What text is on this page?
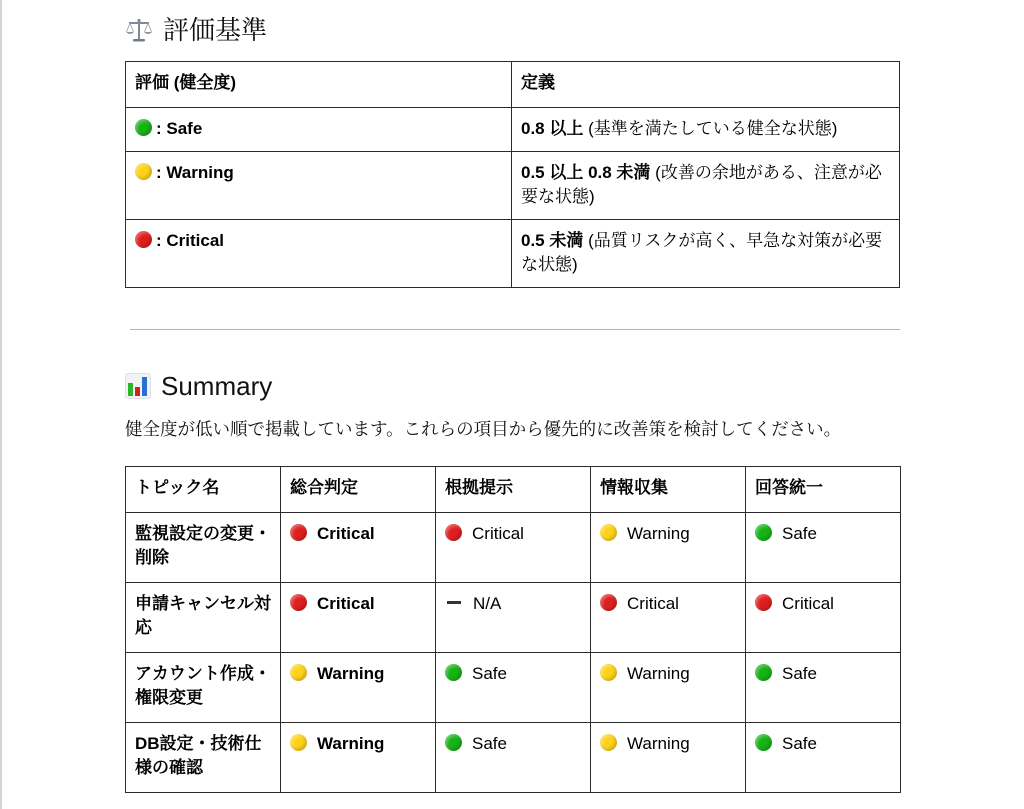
評価基準
評価 (健全度)	定義
: Safe	0.8 以上 (基準を満たしている健全な状態)
: Warning	0.5 以上 0.8 未満 (改善の余地がある、注意が必要な状態)
: Critical	0.5 未満 (品質リスクが高く、早急な対策が必要な状態)
Summary
健全度が低い順で掲載しています。これらの項目から優先的に改善策を検討してください。
トピック名	総合判定	根拠提示	情報収集	回答統一
監視設定の変更・削除	Critical	Critical	Warning	Safe
申請キャンセル対応	Critical	N/A	Critical	Critical
アカウント作成・権限変更	Warning	Safe	Warning	Safe
DB設定・技術仕様の確認	Warning	Safe	Warning	Safe
